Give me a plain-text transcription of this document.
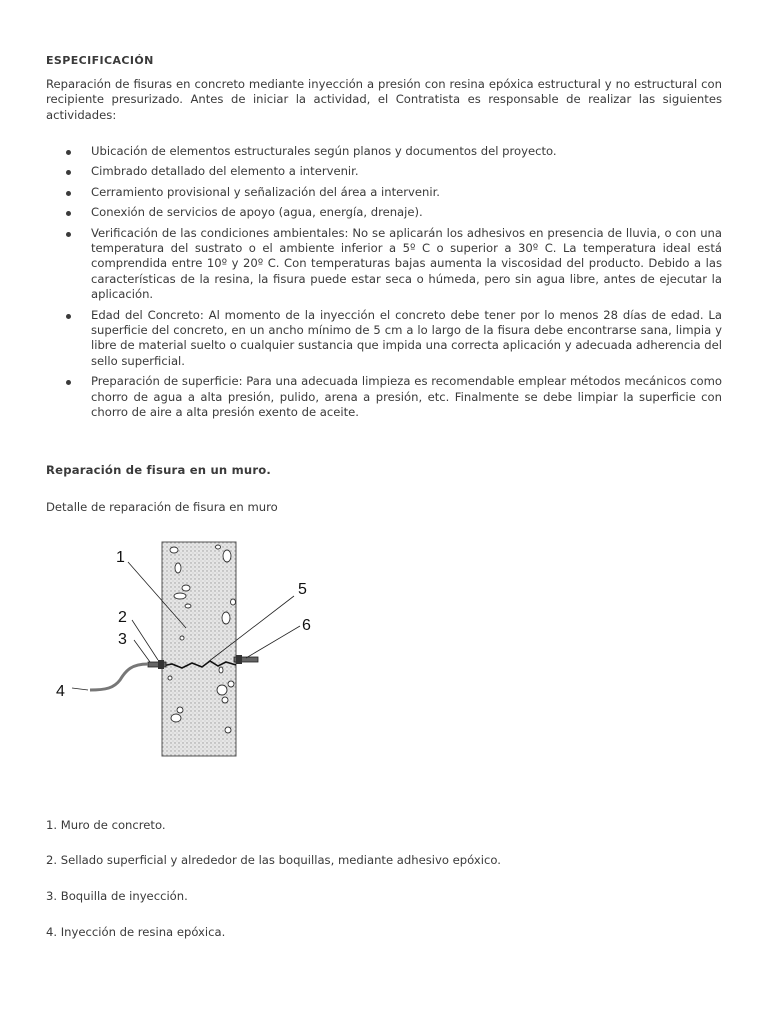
ESPECIFICACIÓN
Reparación de fisuras en concreto mediante inyección a presión con resina epóxica estructural y no estructural con recipiente presurizado. Antes de iniciar la actividad, el Contratista es responsable de realizar las siguientes actividades:
Ubicación de elementos estructurales según planos y documentos del proyecto.
Cimbrado detallado del elemento a intervenir.
Cerramiento provisional y señalización del área a intervenir.
Conexión de servicios de apoyo (agua, energía, drenaje).
Verificación de las condiciones ambientales: No se aplicarán los adhesivos en presencia de lluvia, o con una temperatura del sustrato o el ambiente inferior a 5º C o superior a 30º C. La temperatura ideal está comprendida entre 10º y 20º C. Con temperaturas bajas aumenta la viscosidad del producto. Debido a las características de la resina, la fisura puede estar seca o húmeda, pero sin agua libre, antes de ejecutar la aplicación.
Edad del Concreto: Al momento de la inyección el concreto debe tener por lo menos 28 días de edad. La superficie del concreto, en un ancho mínimo de 5 cm a lo largo de la fisura debe encontrarse sana, limpia y libre de material suelto o cualquier sustancia que impida una correcta aplicación y adecuada adherencia del sello superficial.
Preparación de superficie: Para una adecuada limpieza es recomendable emplear métodos mecánicos como chorro de agua a alta presión, pulido, arena a presión, etc. Finalmente se debe limpiar la superficie con chorro de aire a alta presión exento de aceite.
Reparación de fisura en un muro.
Detalle de reparación de fisura en muro
1
2
3
4
5
6
1. Muro de concreto.
2. Sellado superficial y alrededor de las boquillas, mediante adhesivo epóxico.
3. Boquilla de inyección.
4. Inyección de resina epóxica.
